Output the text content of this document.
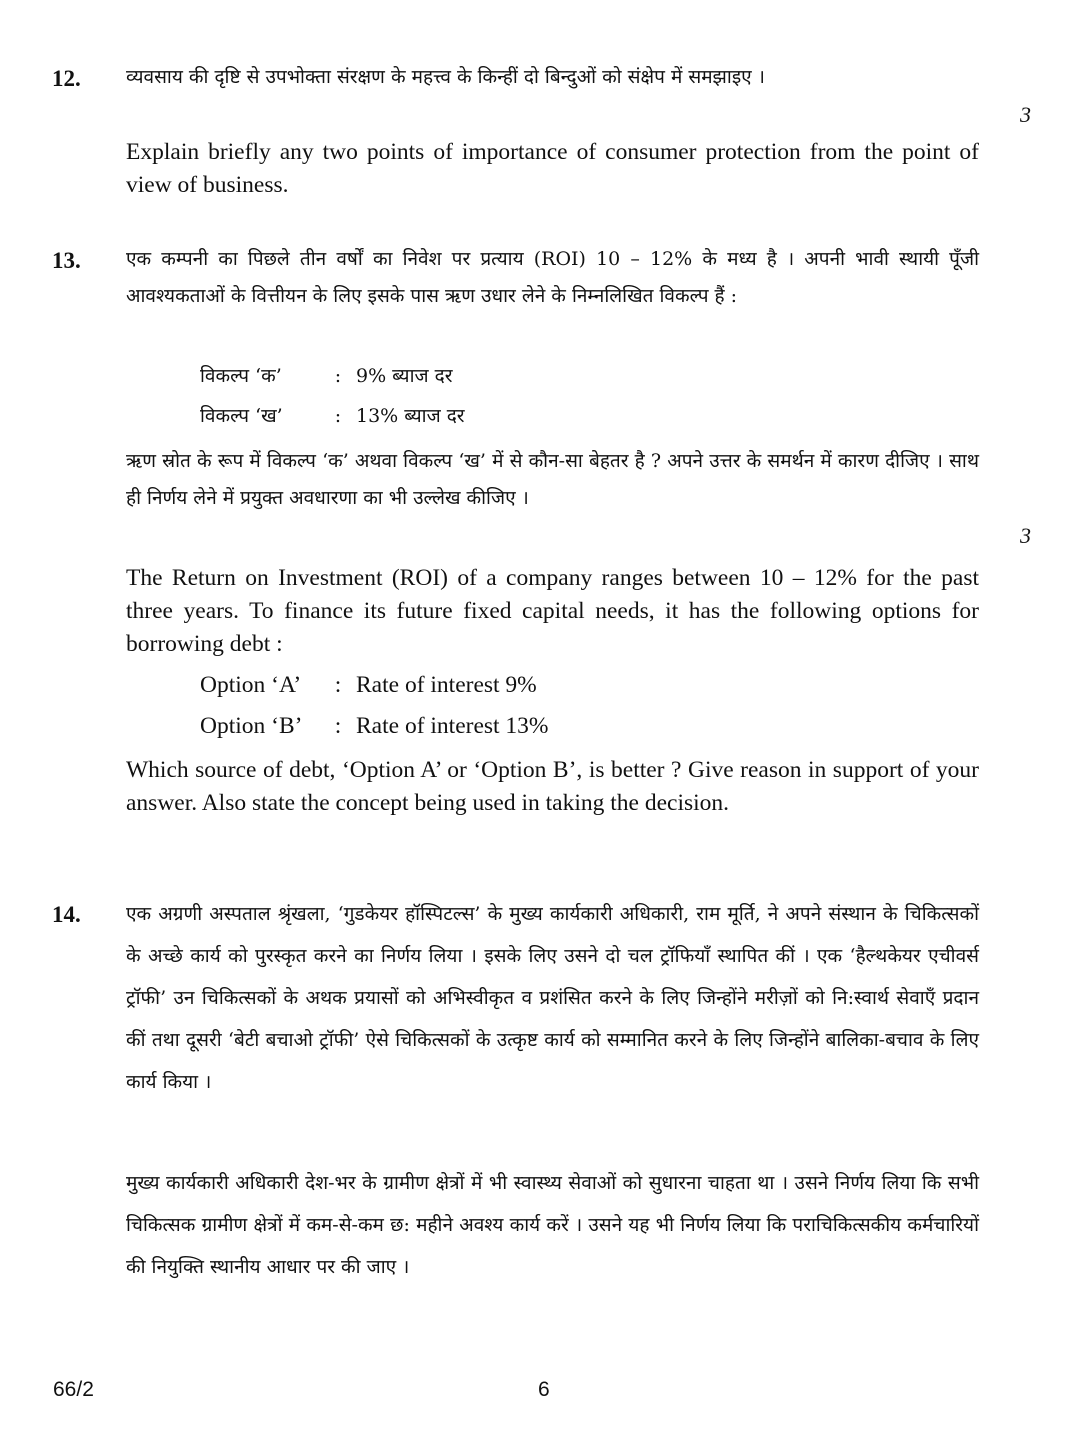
12. व्यवसाय की दृष्टि से उपभोक्ता संरक्षण के महत्त्व के किन्हीं दो बिन्दुओं को संक्षेप में समझाइए ।
3
Explain briefly any two points of importance of consumer protection from the point of view of business.
13. एक कम्पनी का पिछले तीन वर्षों का निवेश पर प्रत्याय (ROI) 10 – 12% के मध्य है । अपनी भावी स्थायी पूँजी आवश्यकताओं के वित्तीयन के लिए इसके पास ऋण उधार लेने के निम्नलिखित विकल्प हैं :
विकल्प ‘क’	: 9% ब्याज दर
विकल्प ‘ख’	: 13% ब्याज दर
ऋण स्रोत के रूप में विकल्प ‘क’ अथवा विकल्प ‘ख’ में से कौन-सा बेहतर है ? अपने उत्तर के समर्थन में कारण दीजिए । साथ ही निर्णय लेने में प्रयुक्त अवधारणा का भी उल्लेख कीजिए ।
3
The Return on Investment (ROI) of a company ranges between 10 – 12% for the past three years. To finance its future fixed capital needs, it has the following options for borrowing debt :
Option ‘A’ : Rate of interest 9%
Option ‘B’ : Rate of interest 13%
Which source of debt, ‘Option A’ or ‘Option B’, is better ? Give reason in support of your answer. Also state the concept being used in taking the decision.
14. एक अग्रणी अस्पताल श्रृंखला, ‘गुडकेयर हॉस्पिटल्स’ के मुख्य कार्यकारी अधिकारी, राम मूर्ति, ने अपने संस्थान के चिकित्सकों के अच्छे कार्य को पुरस्कृत करने का निर्णय लिया । इसके लिए उसने दो चल ट्रॉफियाँ स्थापित कीं । एक ‘हैल्थकेयर एचीवर्स ट्रॉफी’ उन चिकित्सकों के अथक प्रयासों को अभिस्वीकृत व प्रशंसित करने के लिए जिन्होंने मरीज़ों को नि:स्वार्थ सेवाएँ प्रदान कीं तथा दूसरी ‘बेटी बचाओ ट्रॉफी’ ऐसे चिकित्सकों के उत्कृष्ट कार्य को सम्मानित करने के लिए जिन्होंने बालिका-बचाव के लिए कार्य किया ।
मुख्य कार्यकारी अधिकारी देश-भर के ग्रामीण क्षेत्रों में भी स्वास्थ्य सेवाओं को सुधारना चाहता था । उसने निर्णय लिया कि सभी चिकित्सक ग्रामीण क्षेत्रों में कम-से-कम छ: महीने अवश्य कार्य करें । उसने यह भी निर्णय लिया कि पराचिकित्सकीय कर्मचारियों की नियुक्ति स्थानीय आधार पर की जाए ।
66/2	6
